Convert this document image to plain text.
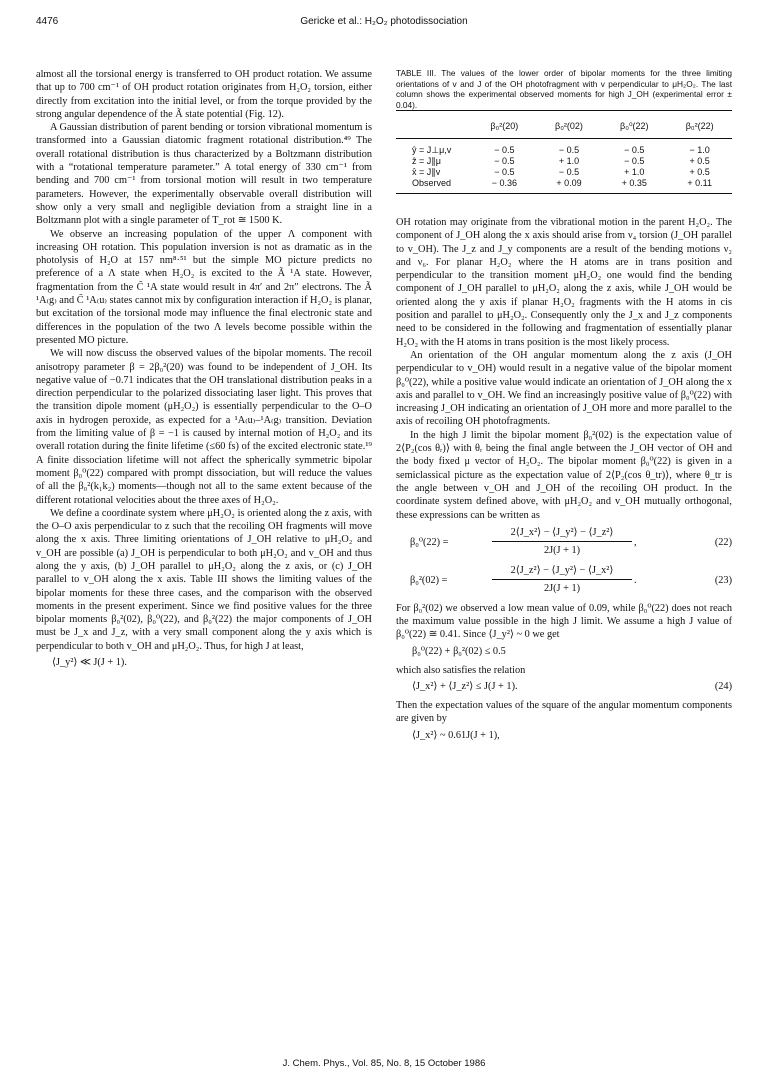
4476	Gericke et al.: H₂O₂ photodissociation

almost all the torsional energy is transferred to OH product rotation. We assume that up to 700 cm⁻¹ of OH product rotation originates from H₂O₂ torsion, either directly from excitation into the initial level, or from the torque provided by the strong angular dependence of the Ã state potential (Fig. 12).

A Gaussian distribution of parent bending or torsion vibrational momentum is transformed into a Gaussian diatomic fragment rotational distribution.⁴⁹ The overall rotational distribution is thus characterized by a Boltzmann distribution with a “rotational temperature parameter.” A total energy of 330 cm⁻¹ from bending and 700 cm⁻¹ from torsional motion will result in two temperature parameters. However, the experimentally observable overall distribution will show only a very small and negligible deviation from a straight line in a Boltzmann plot with a single parameter of T_rot ≅ 1500 K.

We observe an increasing population of the upper Λ component with increasing OH rotation. This population inversion is not as dramatic as in the photolysis of H₂O at 157 nm⁸·⁵¹ but the simple MO picture predicts no preference of a Λ state when H₂O₂ is excited to the Ã ¹A state. However, fragmentation from the C̃ ¹A state would result in 4π′ and 2π″ electrons. The Ã ¹A₍g₎ and C̃ ¹A₍u₎ states cannot mix by configuration interaction if H₂O₂ is planar, but excitation of the torsional mode may influence the final electronic state and differences in the population of the two Λ levels become possible within the presented MO picture.

We will now discuss the observed values of the bipolar moments. The recoil anisotropy parameter β = 2β₀²(20) was found to be independent of J_OH. Its negative value of −0.71 indicates that the OH translational distribution peaks in a direction perpendicular to the polarized dissociating laser light. This proves that the transition dipole moment (μH₂O₂) is essentially perpendicular to the O–O axis in hydrogen peroxide, as expected for a ¹A₍u₎–¹A₍g₎ transition. Deviation from the limiting value of β = −1 is caused by internal motion of H₂O₂ and its overall rotation during the finite lifetime (≤60 fs) of the excited electronic state.¹⁹ A finite dissociation lifetime will not affect the spherically symmetric bipolar moment β₀⁰(22) compared with prompt dissociation, but will reduce the values of all the β₀²(k₁k₂) moments—though not all to the same extent because of the different rotational velocities about the three axes of H₂O₂.

We define a coordinate system where μH₂O₂ is oriented along the z axis, with the O–O axis perpendicular to z such that the recoiling OH fragments will move along the x axis. Three limiting orientations of J_OH relative to μH₂O₂ and v_OH are possible (a) J_OH is perpendicular to both μH₂O₂ and v_OH and thus along the y axis, (b) J_OH parallel to μH₂O₂ along the z axis, or (c) J_OH parallel to v_OH along the x axis. Table III shows the limiting values of the bipolar moments for these three cases, and the comparison with the observed moments in the present experiment. Since we find positive values for the three bipolar moments β₀²(02), β₀⁰(22), and β₀²(22) the major components of J_OH must be J_x and J_z, with a very small component along the y axis which is perpendicular to both v_OH and μH₂O₂. Thus, for high J at least,

⟨J_y²⟩ ≪ J(J + 1).

TABLE III. The values of the lower order of bipolar moments for the three limiting orientations of v and J of the OH photofragment with v perpendicular to μH₂O₂. The last column shows the experimental observed moments for high J_OH (experimental error ± 0.04).

	β₀²(20)	β₀²(02)	β₀⁰(22)	β₀²(22)
ŷ = J⊥μ,v	− 0.5	− 0.5	− 0.5	− 1.0
ẑ = J∥μ	− 0.5	+ 1.0	− 0.5	+ 0.5
x̂ = J∥v	− 0.5	− 0.5	+ 1.0	+ 0.5
Observed	− 0.36	+ 0.09	+ 0.35	+ 0.11

OH rotation may originate from the vibrational motion in the parent H₂O₂. The component of J_OH along the x axis should arise from ν₄ torsion (J_OH parallel to v_OH). The J_z and J_y components are a result of the bending motions ν₂ and ν₆. For planar H₂O₂ where the H atoms are in trans position and perpendicular to the transition moment μH₂O₂ one would find the bending component of J_OH parallel to μH₂O₂ along the z axis, while J_OH would be oriented along the y axis if planar H₂O₂ fragments with the H atoms in cis position and parallel to μH₂O₂. Consequently only the J_x and J_z components need to be considered in the following and fragmentation of essentially planar H₂O₂ with the H atoms in trans position is the most likely process.

An orientation of the OH angular momentum along the z axis (J_OH perpendicular to v_OH) would result in a negative value of the bipolar moment β₀⁰(22), while a positive value would indicate an orientation of J_OH along the x axis and parallel to v_OH. We find an increasingly positive value of β₀⁰(22) with increasing J_OH indicating an orientation of J_OH more and more parallel to the axis of recoiling OH photofragments.

In the high J limit the bipolar moment β₀²(02) is the expectation value of 2⟨P₂(cos θᵣ)⟩ with θᵣ being the final angle between the J_OH vector of OH and the body fixed μ vector of H₂O₂. The bipolar moment β₀⁰(22) is given in a semiclassical picture as the expectation value of 2⟨P₂(cos θ_tr)⟩, where θ_tr is the angle between v_OH and J_OH of the recoiling OH product. In the coordinate system defined above, with μH₂O₂ and v_OH mutually orthogonal, these expressions can be written as

β₀⁰(22) =
2⟨J_x²⟩ − ⟨J_y²⟩ − ⟨J_z²⟩
2J(J + 1)
,	(22)
β₀²(02) =
2⟨J_z²⟩ − ⟨J_y²⟩ − ⟨J_x²⟩
2J(J + 1)
.	(23)

For β₀²(02) we observed a low mean value of 0.09, while β₀⁰(22) does not reach the maximum value possible in the high J limit. We assume a high J value of β₀⁰(22) ≅ 0.41. Since ⟨J_y²⟩ ~ 0 we get

β₀⁰(22) + β₀²(02) ≤ 0.5

which also satisfies the relation

⟨J_x²⟩ + ⟨J_z²⟩ ≤ J(J + 1).	(24)

Then the expectation values of the square of the angular momentum components are given by

⟨J_x²⟩ ~ 0.61J(J + 1),
J. Chem. Phys., Vol. 85, No. 8, 15 October 1986
